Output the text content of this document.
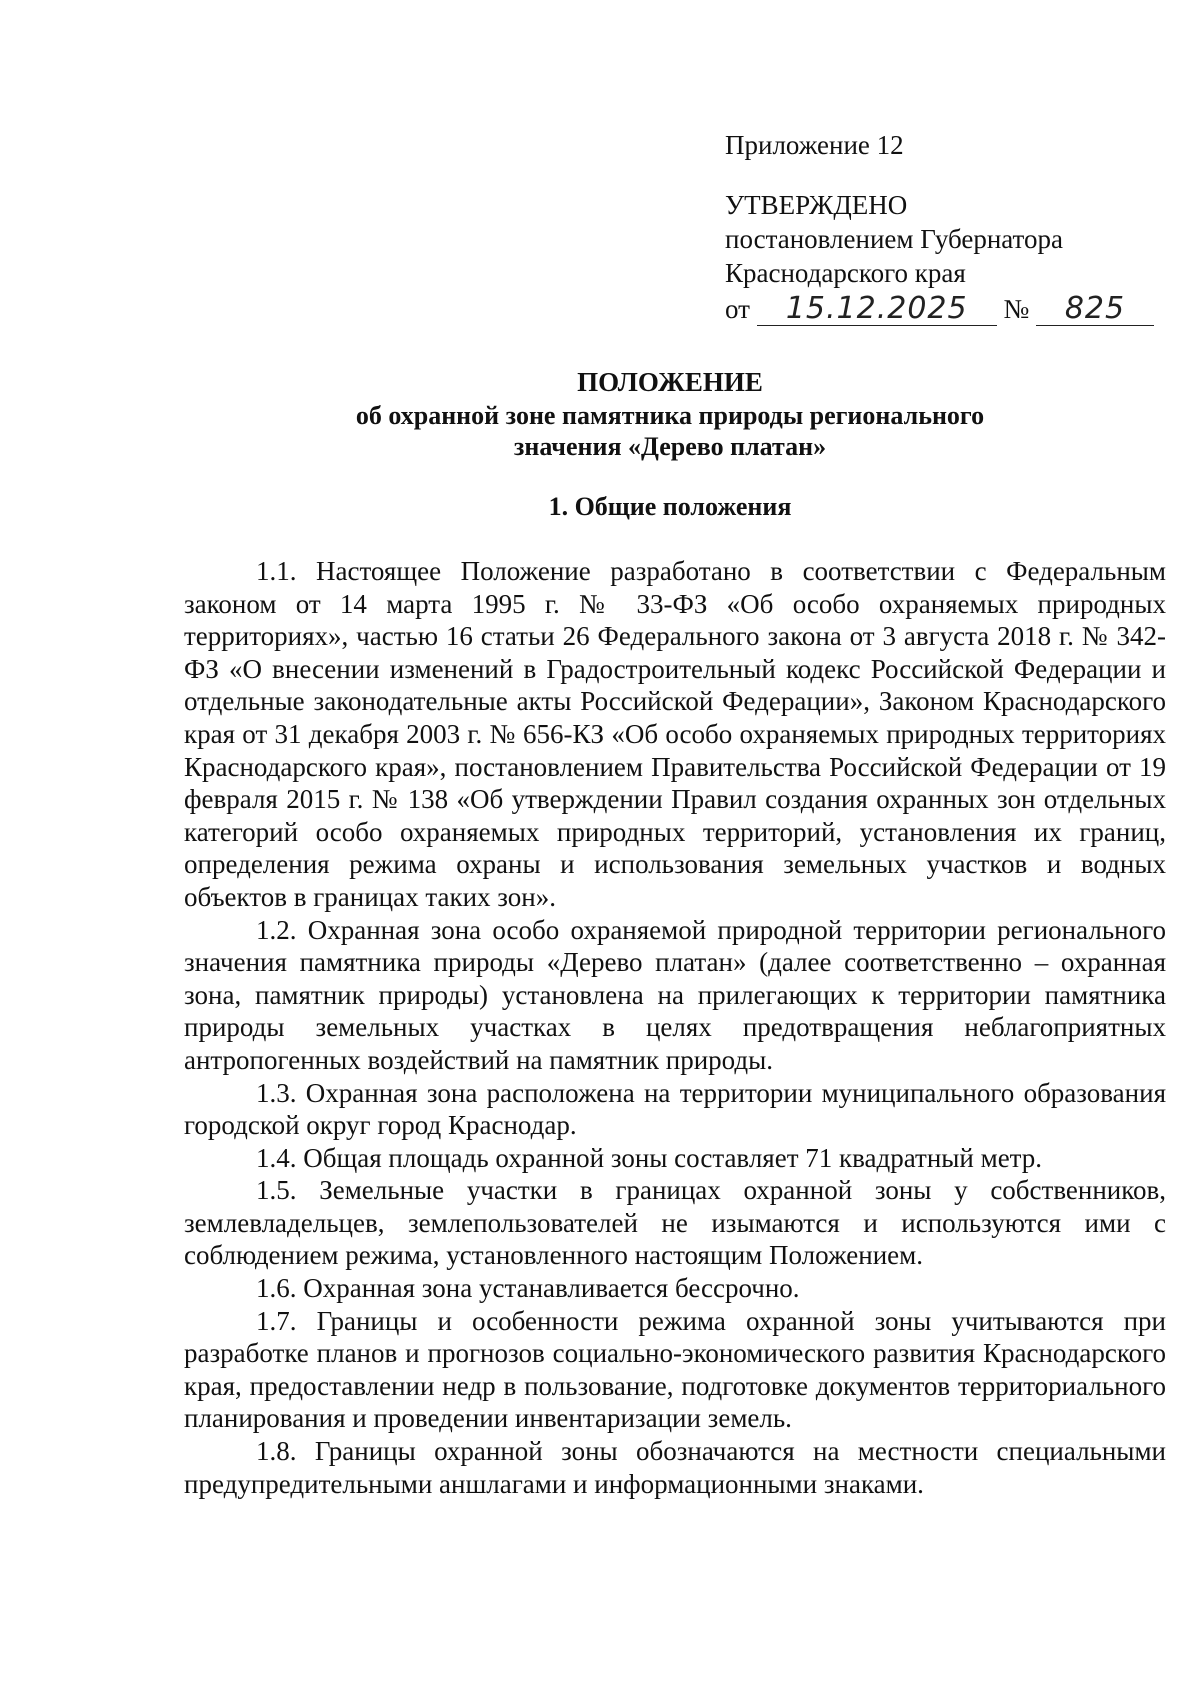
Приложение 12
УТВЕРЖДЕНО
постановлением Губернатора
Краснодарского края
от 15.12.2025 № 825
ПОЛОЖЕНИЕ
об охранной зоне памятника природы регионального
значения «Дерево платан»
1. Общие положения

1.1. Настоящее Положение разработано в соответствии с Федеральным законом от 14 марта 1995 г. № 33-ФЗ «Об особо охраняемых природных территориях», частью 16 статьи 26 Федерального закона от 3 августа 2018 г. № 342-ФЗ «О внесении изменений в Градостроительный кодекс Российской Федерации и отдельные законодательные акты Российской Федерации», Законом Краснодарского края от 31 декабря 2003 г. № 656-КЗ «Об особо охраняемых природных территориях Краснодарского края», постановлением Правительства Российской Федерации от 19 февраля 2015 г. № 138 «Об утверждении Правил создания охранных зон отдельных категорий особо охраняемых природных территорий, установления их границ, определения режима охраны и использования земельных участков и водных объектов в границах таких зон».

1.2. Охранная зона особо охраняемой природной территории регионального значения памятника природы «Дерево платан» (далее соответственно – охранная зона, памятник природы) установлена на прилегающих к территории памятника природы земельных участках в целях предотвращения неблагоприятных антропогенных воздействий на памятник природы.

1.3. Охранная зона расположена на территории муниципального образования городской округ город Краснодар.

1.4. Общая площадь охранной зоны составляет 71 квадратный метр.

1.5. Земельные участки в границах охранной зоны у собственников, землевладельцев, землепользователей не изымаются и используются ими с соблюдением режима, установленного настоящим Положением.

1.6. Охранная зона устанавливается бессрочно.

1.7. Границы и особенности режима охранной зоны учитываются при разработке планов и прогнозов социально-экономического развития Краснодарского края, предоставлении недр в пользование, подготовке документов территориального планирования и проведении инвентаризации земель.

1.8. Границы охранной зоны обозначаются на местности специальными предупредительными аншлагами и информационными знаками.
